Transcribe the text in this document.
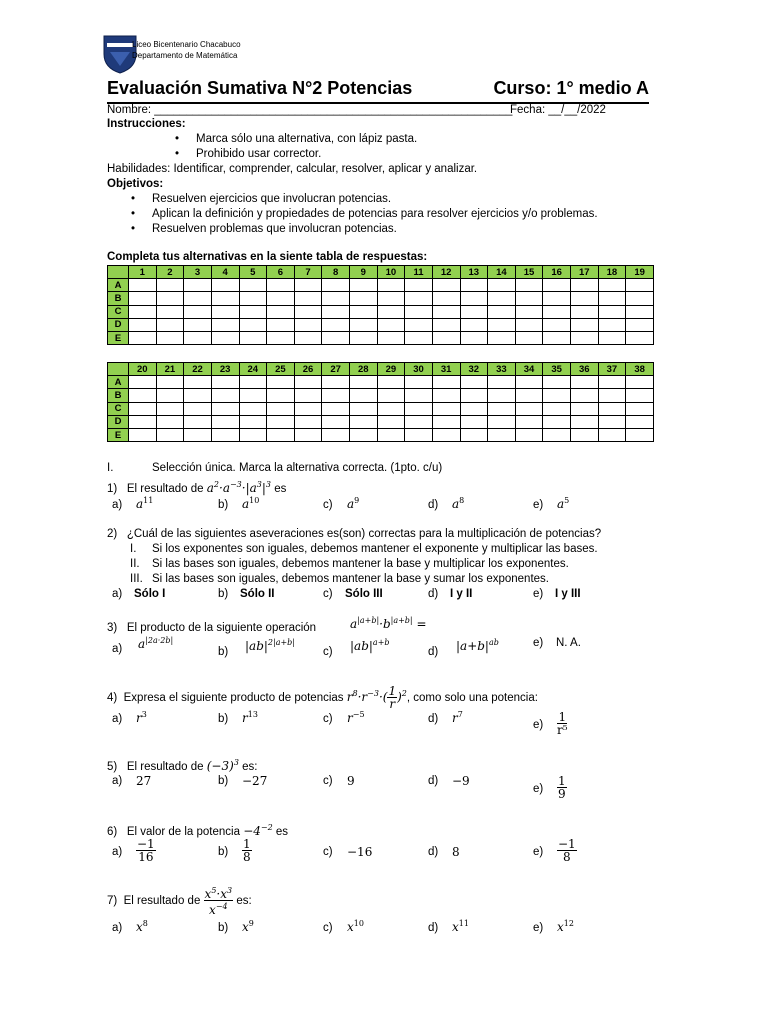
Liceo Bicentenario Chacabuco
Departamento de Matemática
Evaluación Sumativa N°2 Potencias	Curso: 1° medio A
Nombre: ________________________________________________________
Fecha: __/__/2022
Instrucciones:
• Marca sólo una alternativa, con lápiz pasta.
• Prohibido usar corrector.
Habilidades: Identificar, comprender, calcular, resolver, aplicar y analizar.
Objetivos:
• Resuelven ejercicios que involucran potencias.
• Aplican la definición y propiedades de potencias para resolver ejercicios y/o problemas.
• Resuelven problemas que involucran potencias.
Completa tus alternativas en la siente tabla de respuestas:
	1	2	3	4	5	6	7	8	9	10	11	12	13	14	15	16	17	18	19
A																			
B																			
C																			
D																			
E																			
	20	21	22	23	24	25	26	27	28	29	30	31	32	33	34	35	36	37	38
A																			
B																			
C																			
D																			
E																			
I.	Selección única. Marca la alternativa correcta. (1pto. c/u)
1) El resultado de $a^2\cdot a^{-3}\cdot|a^3|^3$ es
a) $a^{11}$	b) $a^{10}$	c) $a^9$	d) $a^8$	e) $a^5$
2) ¿Cuál de las siguientes aseveraciones es(son) correctas para la multiplicación de potencias?
I. Si los exponentes son iguales, debemos mantener el exponente y multiplicar las bases.
II. Si las bases son iguales, debemos mantener la base y multiplicar los exponentes.
III. Si las bases son iguales, debemos mantener la base y sumar los exponentes.
a) Sólo I	b) Sólo II	c) Sólo III	d) I y II	e) I y III
3) El producto de la siguiente operación	$a^{|a+b|}\cdot b^{|a+b|}$ =
a) $a^{|2a\cdot 2b|}$
b) $|ab|^{2|a+b|}$
c) $|ab|^{a+b}$
d) $|a+b|^{ab}$	e) N. A.
4)
Expresa el siguiente producto de potencias
$r^8\cdot r^{-3}\cdot( \frac{1}{r} )^2$ , como solo una potencia:
a) $r^3$	b) $r^{13}$	c) $r^{-5}$	d) $r^7$
$e) \frac{1}{\text{r⁵}}$
5) El resultado de $(-3)^3$ es:
a) 27	b) −27	c) 9	d) −9
$e) \frac{1}{9}$
6) El valor de la potencia $-4^{-2}$ es
$a) \frac{-1}{16}$	$b) \frac{1}{8}$	c) −16	d) 8	$e) \frac{-1}{8}$
7)
El resultado de
$\frac{x^5\cdot x^3}{x^{-4}}$
es:
a) $x^8$	b) $x^9$	c) $x^{10}$	d) $x^{11}$	e) $x^{12}$
